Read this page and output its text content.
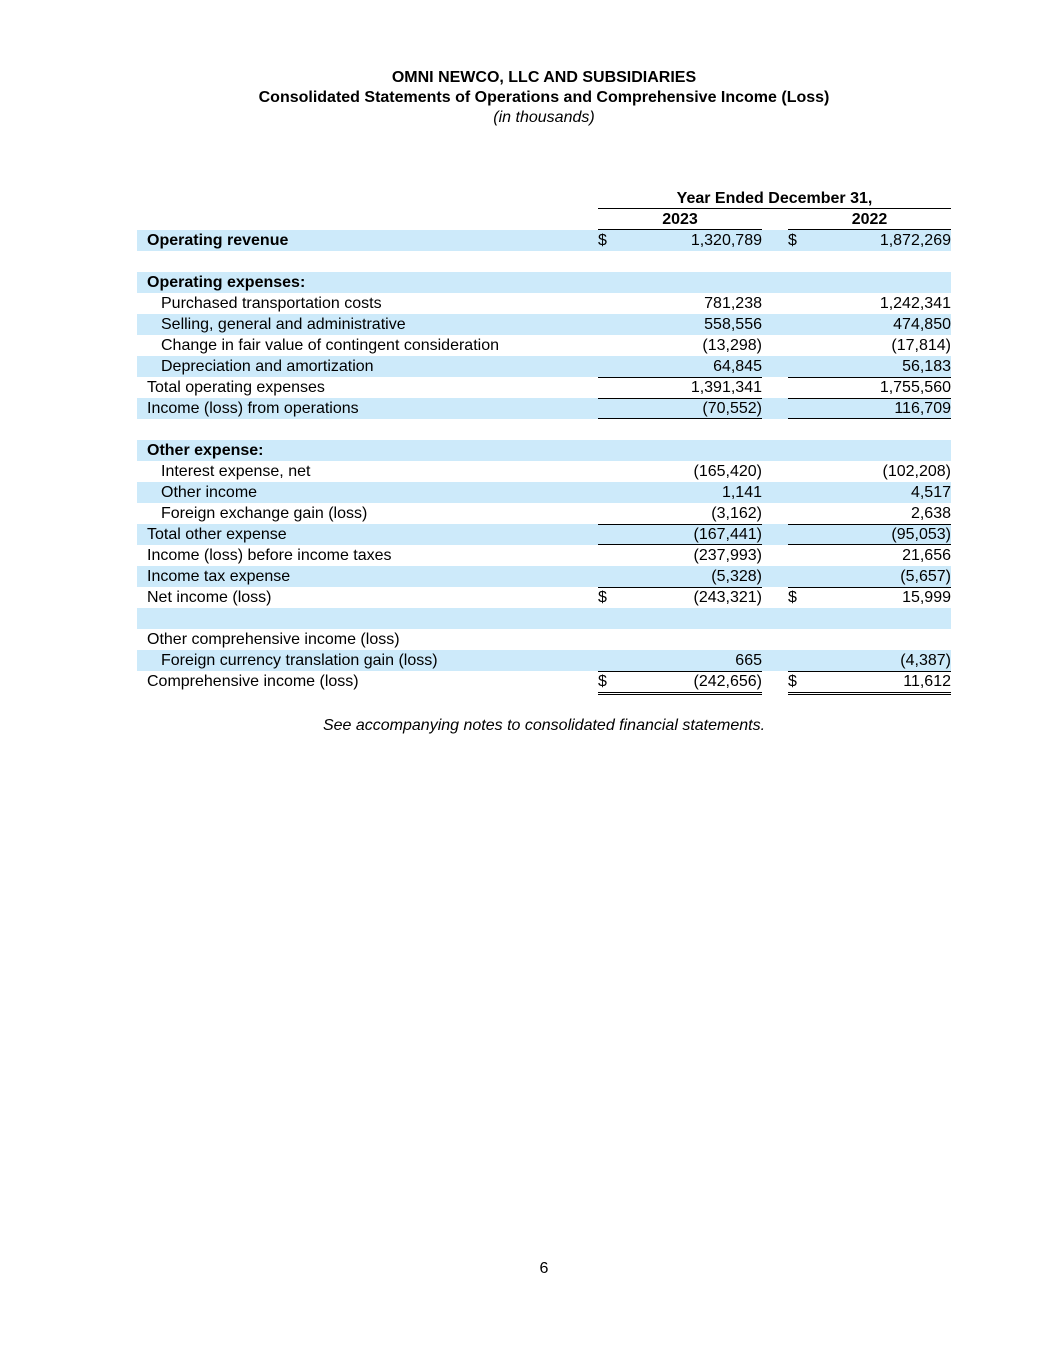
OMNI NEWCO, LLC AND SUBSIDIARIES
Consolidated Statements of Operations and Comprehensive Income (Loss)
(in thousands)
Year Ended December 31,
2023	2022
Operating revenue	$	1,320,789 $	1,872,269
Operating expenses:
Purchased transportation costs	781,238	1,242,341
Selling, general and administrative	558,556	474,850
Change in fair value of contingent consideration	(13,298)	(17,814)
Depreciation and amortization	64,845	56,183
Total operating expenses	1,391,341	1,755,560
Income (loss) from operations	(70,552)	116,709
Other expense:
Interest expense, net	(165,420)	(102,208)
Other income	1,141	4,517
Foreign exchange gain (loss)	(3,162)	2,638
Total other expense	(167,441)	(95,053)
Income (loss) before income taxes	(237,993)	21,656
Income tax expense	(5,328)	(5,657)
Net income (loss)	$	(243,321) $	15,999
Other comprehensive income (loss)
Foreign currency translation gain (loss)	665	(4,387)
Comprehensive income (loss)	$	(242,656) $	11,612
See accompanying notes to consolidated financial statements.
6
